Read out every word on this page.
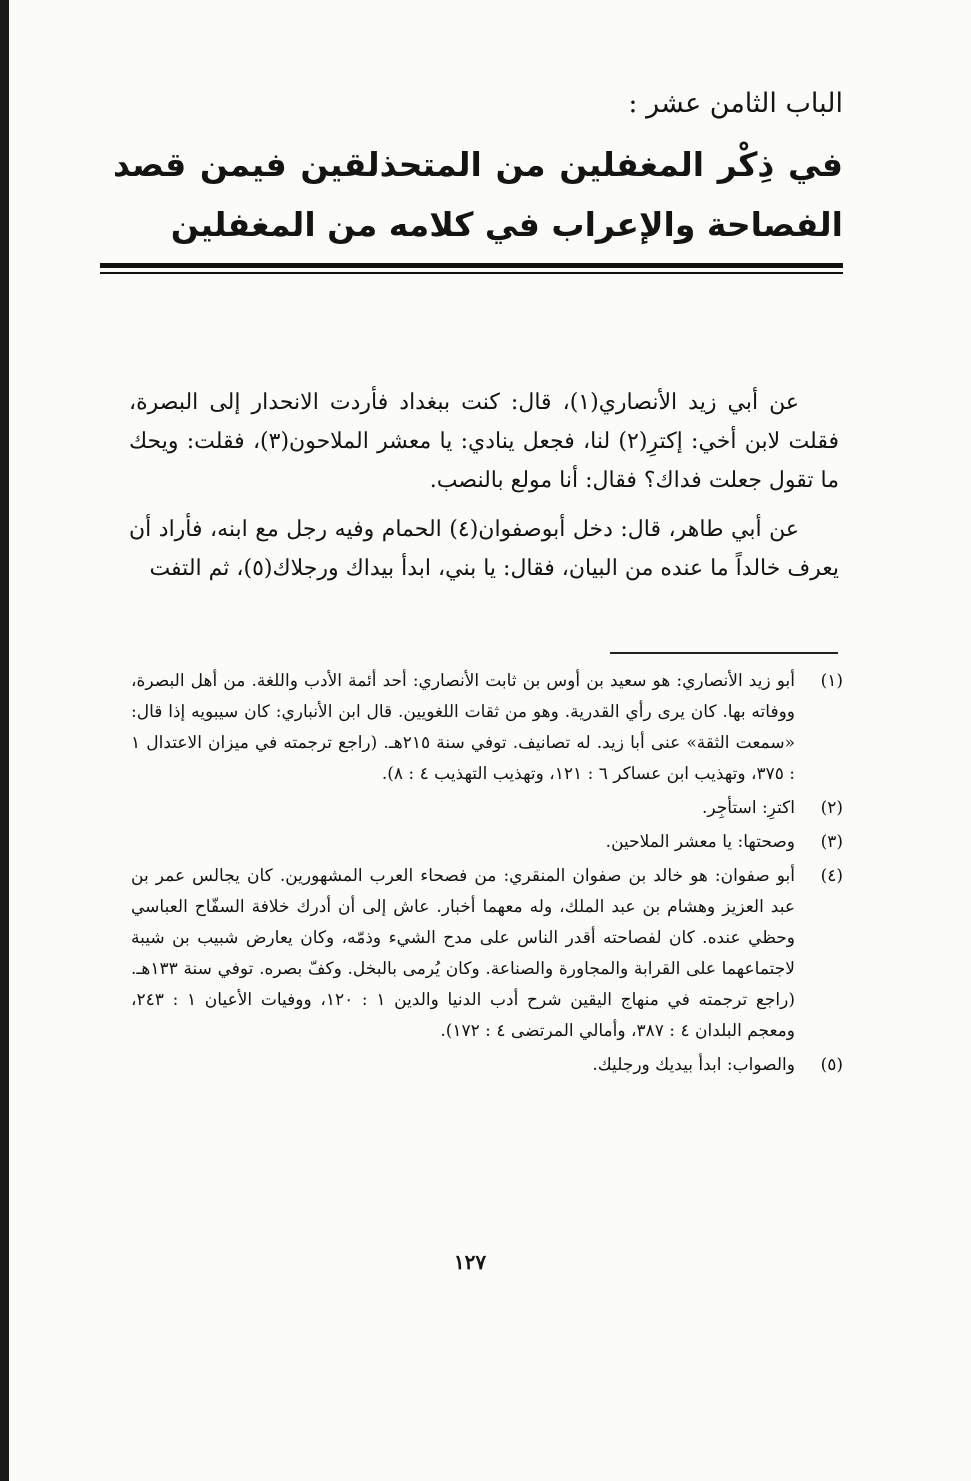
الباب الثامن عشر :
في ذِكْر المغفلين من المتحذلقين فيمن قصد الفصاحة والإعراب في كلامه من المغفلين

عن أبي زيد الأنصاري(١)، قال: كنت ببغداد فأردت الانحدار إلى البصرة، فقلت لابن أخي: إكترِ(٢) لنا، فجعل ينادي: يا معشر الملاحون(٣)، فقلت: ويحك ما تقول جعلت فداك؟ فقال: أنا مولع بالنصب.

عن أبي طاهر، قال: دخل أبوصفوان(٤) الحمام وفيه رجل مع ابنه، فأراد أن يعرف خالداً ما عنده من البيان، فقال: يا بني، ابدأ بيداك ورجلاك(٥)، ثم التفت

(١)
أبو زيد الأنصاري: هو سعيد بن أوس بن ثابت الأنصاري: أحد أئمة الأدب واللغة. من أهل البصرة، ووفاته بها. كان يرى رأي القدرية. وهو من ثقات اللغويين. قال ابن الأنباري: كان سيبويه إذا قال: «سمعت الثقة» عنى أبا زيد. له تصانيف. توفي سنة ٢١٥هـ. (راجع ترجمته في ميزان الاعتدال ١ : ٣٧٥، وتهذيب ابن عساكر ٦ : ١٢١، وتهذيب التهذيب ٤ : ٨).
(٢)
اكترِ: استأجِر.
(٣)
وصحتها: يا معشر الملاحين.
(٤)
أبو صفوان: هو خالد بن صفوان المنقري: من فصحاء العرب المشهورين. كان يجالس عمر بن عبد العزيز وهشام بن عبد الملك، وله معهما أخبار. عاش إلى أن أدرك خلافة السفّاح العباسي وحظي عنده. كان لفصاحته أقدر الناس على مدح الشيء وذمّه، وكان يعارض شبيب بن شيبة لاجتماعهما على القرابة والمجاورة والصناعة. وكان يُرمى بالبخل. وكفّ بصره. توفي سنة ١٣٣هـ. (راجع ترجمته في منهاج اليقين شرح أدب الدنيا والدين ١ : ١٢٠، ووفيات الأعيان ١ : ٢٤٣، ومعجم البلدان ٤ : ٣٨٧، وأمالي المرتضى ٤ : ١٧٢).
(٥)
والصواب: ابدأ بيديك ورجليك.
١٢٧
